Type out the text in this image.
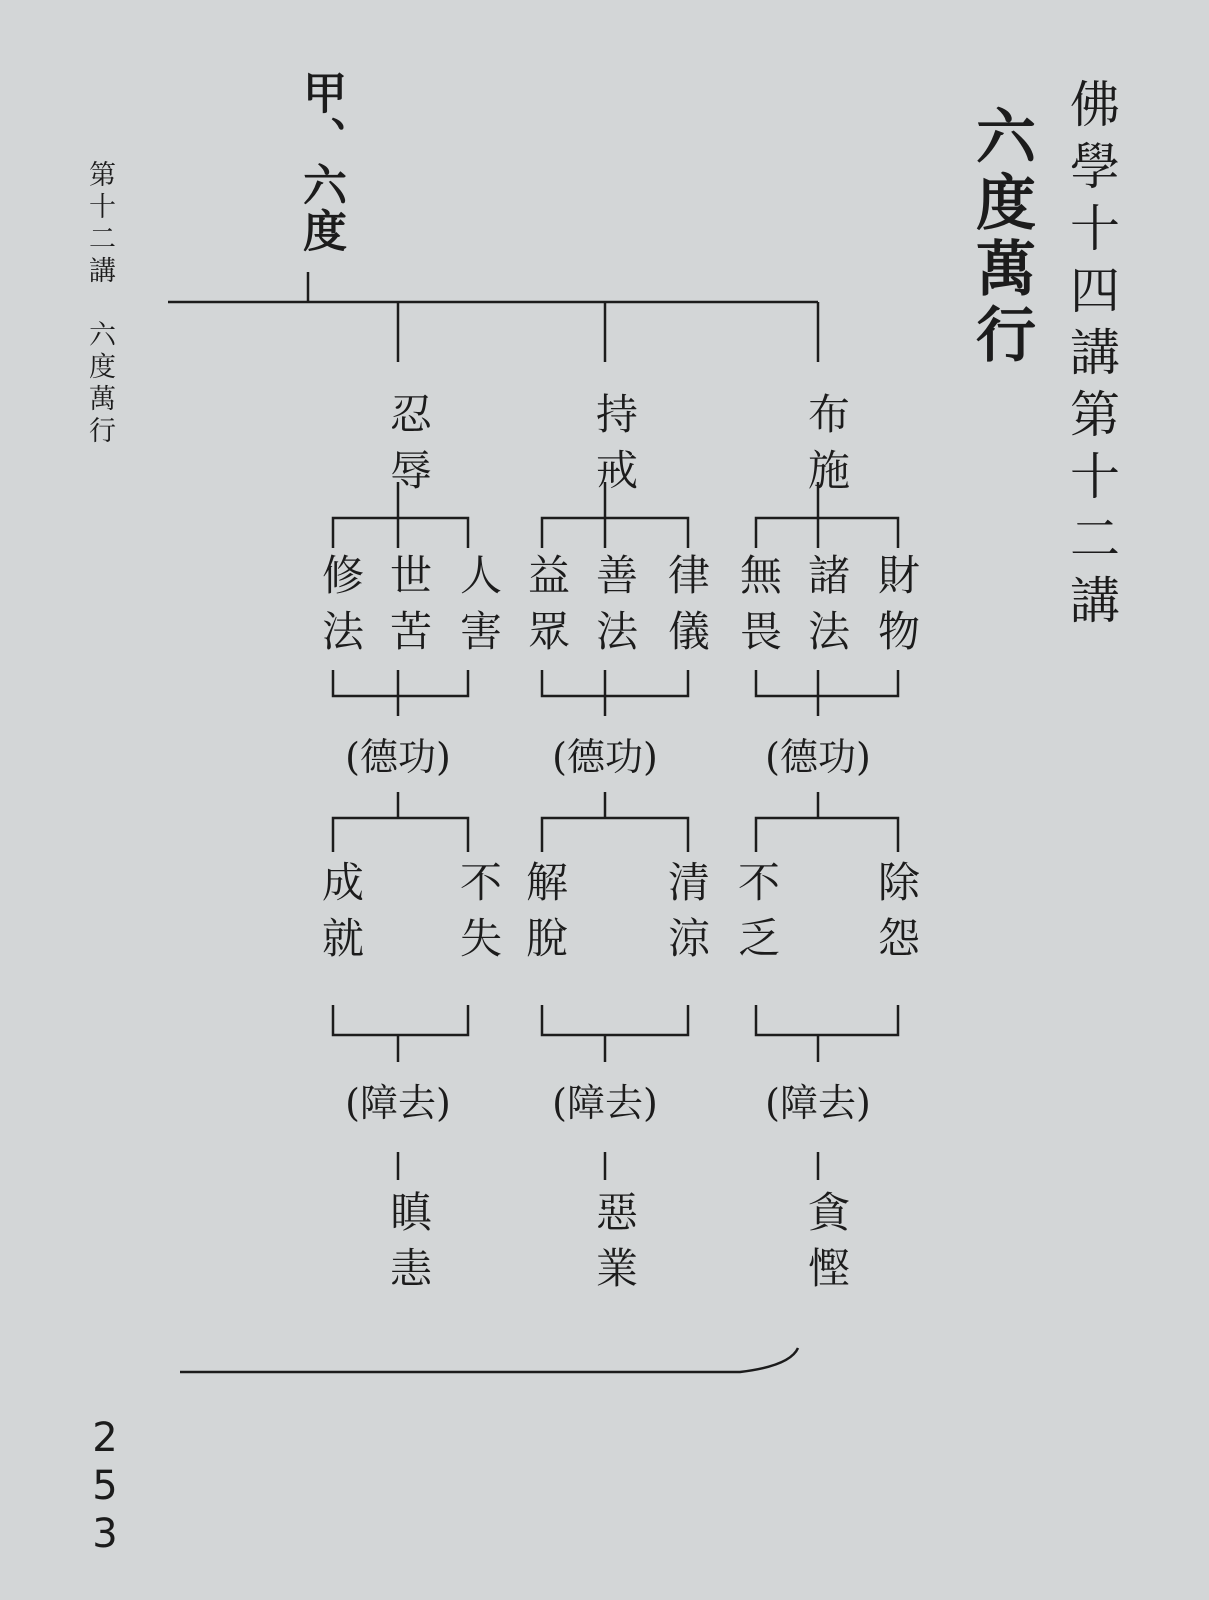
佛學十四講第十二講
六度萬行
第十二講　六度萬行
253
甲、六度
布施
財物
諸法
無畏
(德功)
除怨
不乏
(障去)
貪慳
持戒
律儀
善法
益眾
(德功)
清涼
解脫
(障去)
惡業
忍辱
人害
世苦
修法
(德功)
不失
成就
(障去)
瞋恚
